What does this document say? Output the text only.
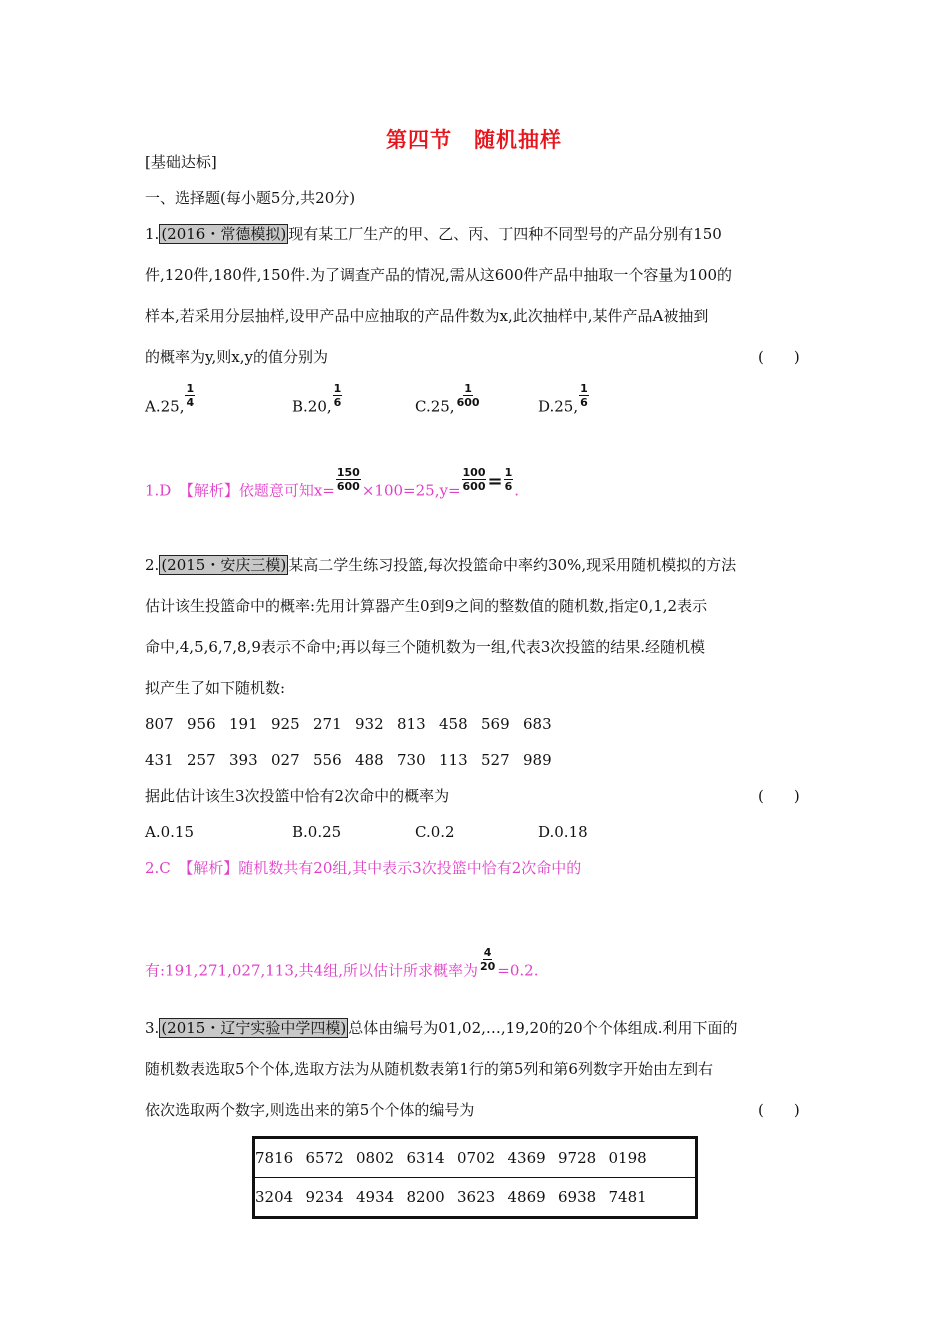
第四节　随机抽样
[基础达标]
一、选择题(每小题5分,共20分)
1. (2016・常德模拟) 现有某工厂生产的甲、乙、丙、丁四种不同型号的产品分别有150
件,120件,180件,150件.为了调查产品的情况,需从这600件产品中抽取一个容量为100的
样本,若采用分层抽样,设甲产品中应抽取的产品件数为x,此次抽样中,某件产品A被抽到
的概率为y,则x,y的值分别为	(　　)
A.25, $\frac{1}{4}$	B.20, $\frac{1}{6}$	C.25, $\frac{1}{600}$	D.25, $\frac{1}{6}$
1.D　【解析】依题意可知$x= \frac{150}{600} \times 100=25,y= \frac{100}{600} = \frac{1}{6}$ .
2. (2015・安庆三模) 某高二学生练习投篮,每次投篮命中率约30%,现采用随机模拟的方法
估计该生投篮命中的概率:先用计算器产生0到9之间的整数值的随机数,指定0,1,2表示
命中,4,5,6,7,8,9表示不命中;再以每三个随机数为一组,代表3次投篮的结果.经随机模
拟产生了如下随机数:
807 956 191 925 271 932 813 458 569 683
431 257 393 027 556 488 730 113 527 989
据此估计该生3次投篮中恰有2次命中的概率为	(　　)
A.0.15	B.0.25	C.0.2	D.0.18
2.C　【解析】随机数共有20组,其中表示3次投篮中恰有2次命中的
有:191,271,027,113,共4组,所以估计所求概率为 $\frac{4}{20} =0.2$.
3. (2015・辽宁实验中学四模) 总体由编号为01,02,…,19,20的20个个体组成.利用下面的
随机数表选取5个个体,选取方法为从随机数表第1行的第5列和第6列数字开始由左到右
依次选取两个数字,则选出来的第5个个体的编号为	(　　)
7816 6572 0802 6314 0702 4369 9728 0198
3204 9234 4934 8200 3623 4869 6938 7481
